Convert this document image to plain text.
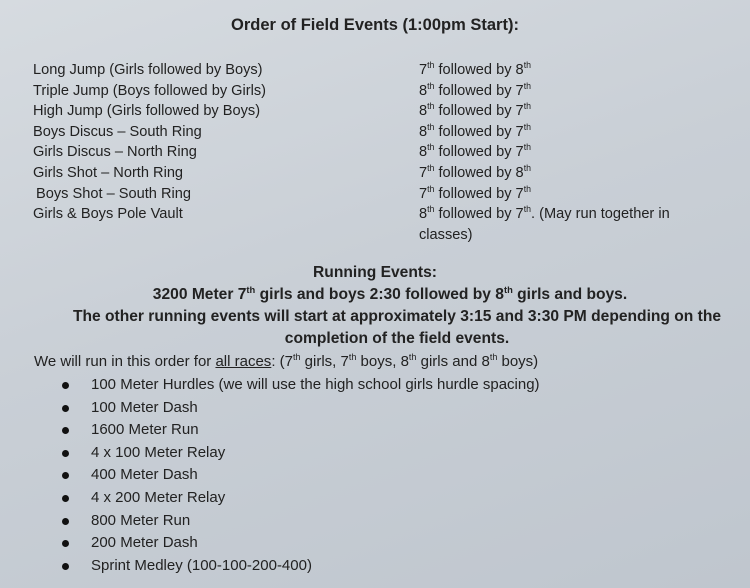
Order of Field Events (1:00pm Start):
Long Jump (Girls followed by Boys)	7th followed by 8th
Triple Jump (Boys followed by Girls)	8th followed by 7th
High Jump (Girls followed by Boys)	8th followed by 7th
Boys Discus – South Ring	8th followed by 7th
Girls Discus – North Ring	8th followed by 7th
Girls Shot – North Ring	7th followed by 8th
Boys Shot – South Ring	7th followed by 7th
Girls & Boys Pole Vault	8th followed by 7th. (May run together in
classes)
Running Events:
3200 Meter 7th girls and boys 2:30 followed by 8th girls and boys.
The other running events will start at approximately 3:15 and 3:30 PM depending on the completion of the field events.
We will run in this order for all races: (7th girls, 7th boys, 8th girls and 8th boys)
100 Meter Hurdles (we will use the high school girls hurdle spacing)
100 Meter Dash
1600 Meter Run
4 x 100 Meter Relay
400 Meter Dash
4 x 200 Meter Relay
800 Meter Run
200 Meter Dash
Sprint Medley (100-100-200-400)
